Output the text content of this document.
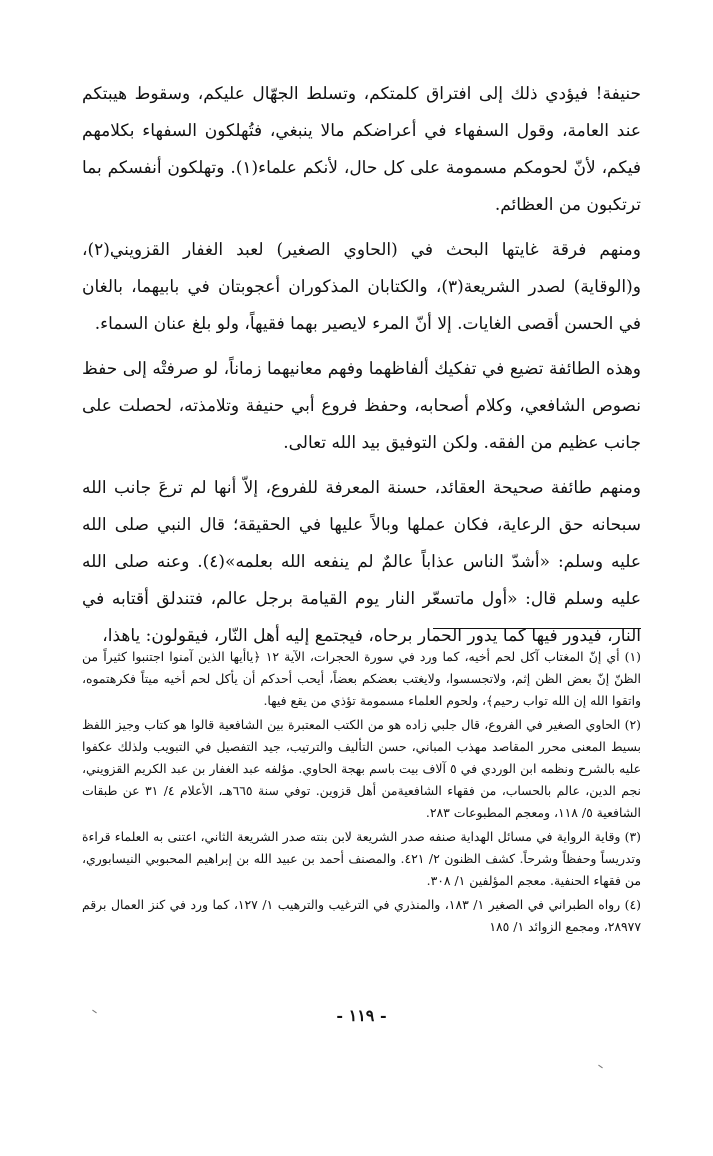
حنيفة! فيؤدي ذلك إلى افتراق كلمتكم، وتسلط الجهّال عليكم، وسقوط هيبتكم عند العامة، وقول السفهاء في أعراضكم مالا ينبغي، فتُهلكون السفهاء بكلامهم فيكم، لأنّ لحومكم مسمومة على كل حال، لأنكم علماء(١). وتهلكون أنفسكم بما ترتكبون من العظائم.

ومنهم فرقة غايتها البحث في (الحاوي الصغير) لعبد الغفار القزويني(٢)، و(الوقاية) لصدر الشريعة(٣)، والكتابان المذكوران أعجوبتان في بابيهما، بالغان في الحسن أقصى الغايات. إلا أنّ المرء لايصير بهما فقيهاً، ولو بلغ عنان السماء.

وهذه الطائفة تضيع في تفكيك ألفاظهما وفهم معانيهما زماناً، لو صرفتْه إلى حفظ نصوص الشافعي، وكلام أصحابه، وحفظ فروع أبي حنيفة وتلامذته، لحصلت على جانب عظيم من الفقه. ولكن التوفيق بيد الله تعالى.

ومنهم طائفة صحيحة العقائد، حسنة المعرفة للفروع، إلاّ أنها لم ترعَ جانب الله سبحانه حق الرعاية، فكان عملها وبالاً عليها في الحقيقة؛ قال النبي صلى الله عليه وسلم: «أشدّ الناس عذاباً عالمٌ لم ينفعه الله بعلمه»(٤). وعنه صلى الله عليه وسلم قال: «أول ماتسعّر النار يوم القيامة برجل عالم، فتندلق أقتابه في النار، فيدور فيها كما يدور الحمار برحاه، فيجتمع إليه أهل النّار، فيقولون: ياهذا،

(١) أي إنّ المغتاب آكل لحم أخيه، كما ورد في سورة الحجرات، الآية ١٢ ﴿ياأيها الذين آمنوا اجتنبوا كثيراً من الظنّ إنّ بعض الظن إثم، ولاتجسسوا، ولايغتب بعضكم بعضاً، أيحب أحدكم أن يأكل لحم أخيه ميتاً فكرهتموه، واتقوا الله إن الله تواب رحيم﴾، ولحوم العلماء مسمومة تؤذي من يقع فيها.

(٢) الحاوي الصغير في الفروع، قال جلبي زاده هو من الكتب المعتبرة بين الشافعية قالوا هو كتاب وجيز اللفظ بسيط المعنى محرر المقاصد مهذب المباني، حسن التأليف والترتيب، جيد التفصيل في التبويب ولذلك عكفوا عليه بالشرح ونظمه ابن الوردي في ٥ آلاف بيت باسم بهجة الحاوي. مؤلفه عبد الغفار بن عبد الكريم القزويني، نجم الدين، عالم بالحساب، من فقهاء الشافعيةمن أهل قزوين. توفي سنة ٦٦٥هـ، الأعلام ٤/ ٣١ عن طبقات الشافعية ٥/ ١١٨، ومعجم المطبوعات ٢٨٣.

(٣) وقاية الرواية في مسائل الهداية صنفه صدر الشريعة لابن بنته صدر الشريعة الثاني، اعتنى به العلماء قراءة وتدريساً وحفظاً وشرحاً. كشف الظنون ٢/ ٤٢١. والمصنف أحمد بن عبيد الله بن إبراهيم المحبوبي النيسابوري، من فقهاء الحنفية. معجم المؤلفين ١/ ٣٠٨.

(٤) رواه الطبراني في الصغير ١/ ١٨٣، والمنذري في الترغيب والترهيب ١/ ١٢٧، كما ورد في كنز العمال برقم ٢٨٩٧٧، ومجمع الزوائد ١/ ١٨٥

- ١١٩ -
